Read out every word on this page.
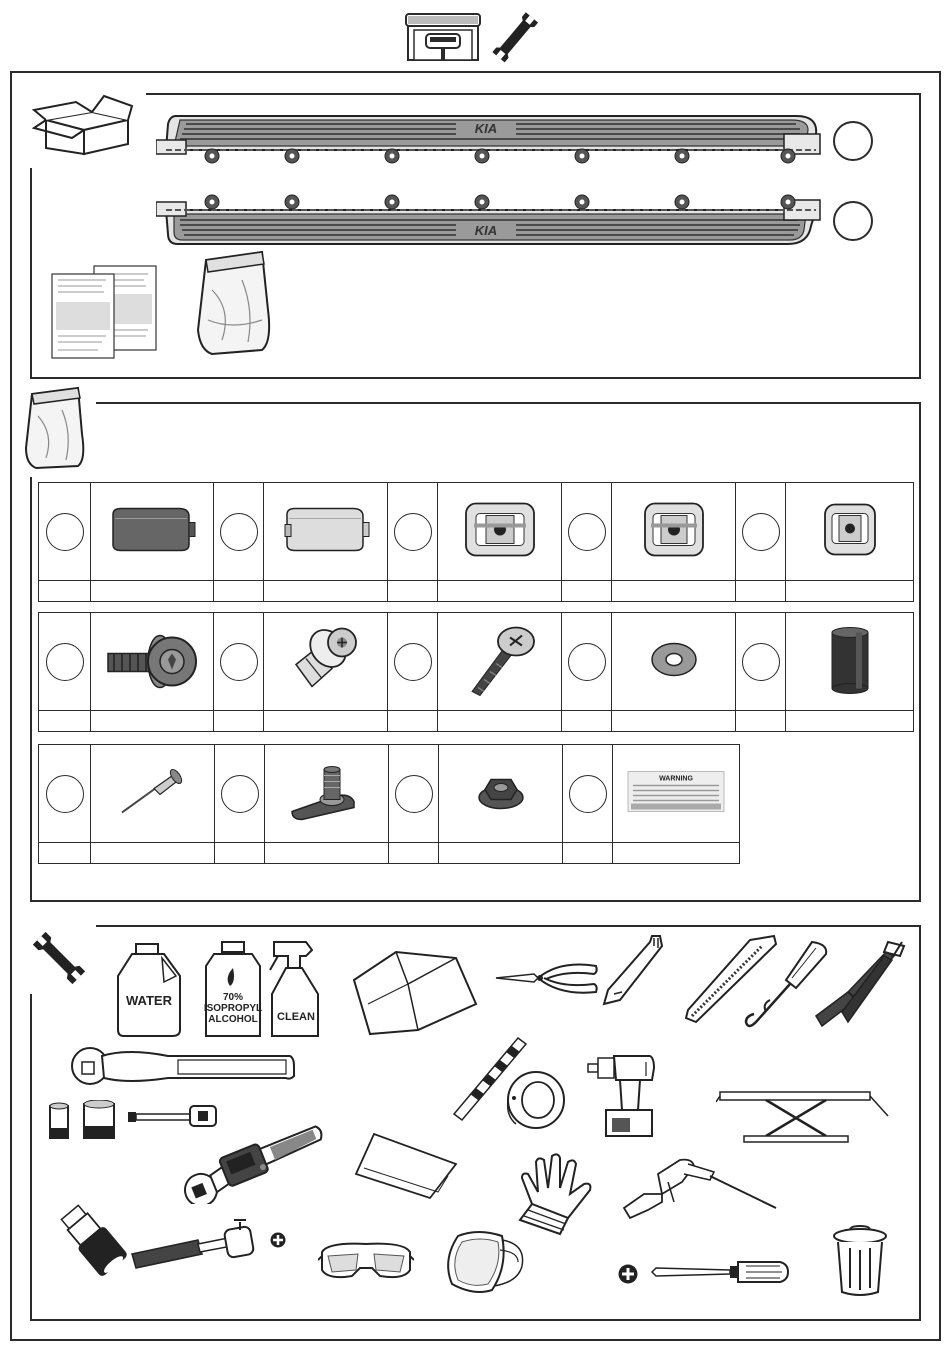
KIA
KIA

WARNING

WATER	70%
ISOPROPYL
ALCOHOL	CLEAN
